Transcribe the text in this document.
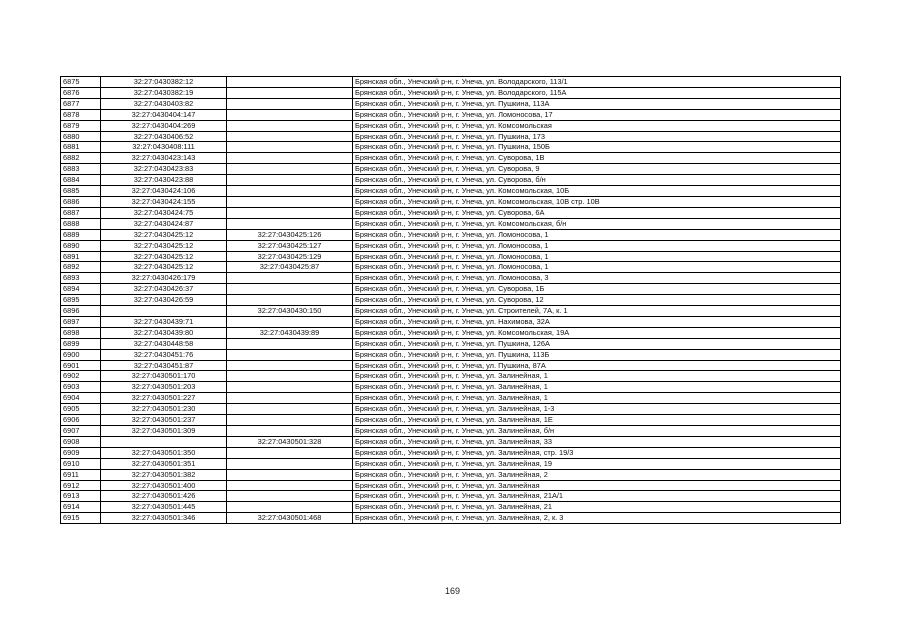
6875	32:27:0430382:12		Брянская обл., Унечский р-н, г. Унеча, ул. Володарского, 113/1
6876	32:27:0430382:19		Брянская обл., Унечский р-н, г. Унеча, ул. Володарского, 115А
6877	32:27:0430403:82		Брянская обл., Унечский р-н, г. Унеча, ул. Пушкина, 113А
6878	32:27:0430404:147		Брянская обл., Унечский р-н, г. Унеча, ул. Ломоносова, 17
6879	32:27:0430404:269		Брянская обл., Унечский р-н, г. Унеча, ул. Комсомольская
6880	32:27:0430406:52		Брянская обл., Унечский р-н, г. Унеча, ул. Пушкина, 173
6881	32:27:0430408:111		Брянская обл., Унечский р-н, г. Унеча, ул. Пушкина, 150Б
6882	32:27:0430423:143		Брянская обл., Унечский р-н, г. Унеча, ул. Суворова, 1В
6883	32:27:0430423:83		Брянская обл., Унечский р-н, г. Унеча, ул. Суворова, 9
6884	32:27:0430423:88		Брянская обл., Унечский р-н, г. Унеча, ул. Суворова, б/н
6885	32:27:0430424:106		Брянская обл., Унечский р-н, г. Унеча, ул. Комсомольская, 10Б
6886	32:27:0430424:155		Брянская обл., Унечский р-н, г. Унеча, ул. Комсомольская, 10В стр. 10В
6887	32:27:0430424:75		Брянская обл., Унечский р-н, г. Унеча, ул. Суворова, 6А
6888	32:27:0430424:87		Брянская обл., Унечский р-н, г. Унеча, ул. Комсомольская, б/н
6889	32:27:0430425:12	32:27:0430425:126	Брянская обл., Унечский р-н, г. Унеча, ул. Ломоносова, 1
6890	32:27:0430425:12	32:27:0430425:127	Брянская обл., Унечский р-н, г. Унеча, ул. Ломоносова, 1
6891	32:27:0430425:12	32:27:0430425:129	Брянская обл., Унечский р-н, г. Унеча, ул. Ломоносова, 1
6892	32:27:0430425:12	32:27:0430425:87	Брянская обл., Унечский р-н, г. Унеча, ул. Ломоносова, 1
6893	32:27:0430426:179		Брянская обл., Унечский р-н, г. Унеча, ул. Ломоносова, 3
6894	32:27:0430426:37		Брянская обл., Унечский р-н, г. Унеча, ул. Суворова, 1Б
6895	32:27:0430426:59		Брянская обл., Унечский р-н, г. Унеча, ул. Суворова, 12
6896		32:27:0430430:150	Брянская обл., Унечский р-н, г. Унеча, ул. Строителей, 7А, к. 1
6897	32:27:0430439:71		Брянская обл., Унечский р-н, г. Унеча, ул. Нахимова, 32А
6898	32:27:0430439:80	32:27:0430439:89	Брянская обл., Унечский р-н, г. Унеча, ул. Комсомольская, 19А
6899	32:27:0430448:58		Брянская обл., Унечский р-н, г. Унеча, ул. Пушкина, 126А
6900	32:27:0430451:76		Брянская обл., Унечский р-н, г. Унеча, ул. Пушкина, 113Б
6901	32:27:0430451:87		Брянская обл., Унечский р-н, г. Унеча, ул. Пушкина, 87А
6902	32:27:0430501:170		Брянская обл., Унечский р-н, г. Унеча, ул. Залинейная, 1
6903	32:27:0430501:203		Брянская обл., Унечский р-н, г. Унеча, ул. Залинейная, 1
6904	32:27:0430501:227		Брянская обл., Унечский р-н, г. Унеча, ул. Залинейная, 1
6905	32:27:0430501:230		Брянская обл., Унечский р-н, г. Унеча, ул. Залинейная, 1-3
6906	32:27:0430501:237		Брянская обл., Унечский р-н, г. Унеча, ул. Залинейная, 1Е
6907	32:27:0430501:309		Брянская обл., Унечский р-н, г. Унеча, ул. Залинейная, б/н
6908		32:27:0430501:328	Брянская обл., Унечский р-н, г. Унеча, ул. Залинейная, 33
6909	32:27:0430501:350		Брянская обл., Унечский р-н, г. Унеча, ул. Залинейная, стр. 19/3
6910	32:27:0430501:351		Брянская обл., Унечский р-н, г. Унеча, ул. Залинейная, 19
6911	32:27:0430501:382		Брянская обл., Унечский р-н, г. Унеча, ул. Залинейная, 2
6912	32:27:0430501:400		Брянская обл., Унечский р-н, г. Унеча, ул. Залинейная
6913	32:27:0430501:426		Брянская обл., Унечский р-н, г. Унеча, ул. Залинейная, 21А/1
6914	32:27:0430501:445		Брянская обл., Унечский р-н, г. Унеча, ул. Залинейная, 21
6915	32:27:0430501:346	32:27:0430501:468	Брянская обл., Унечский р-н, г. Унеча, ул. Залинейная, 2, к. 3
169
